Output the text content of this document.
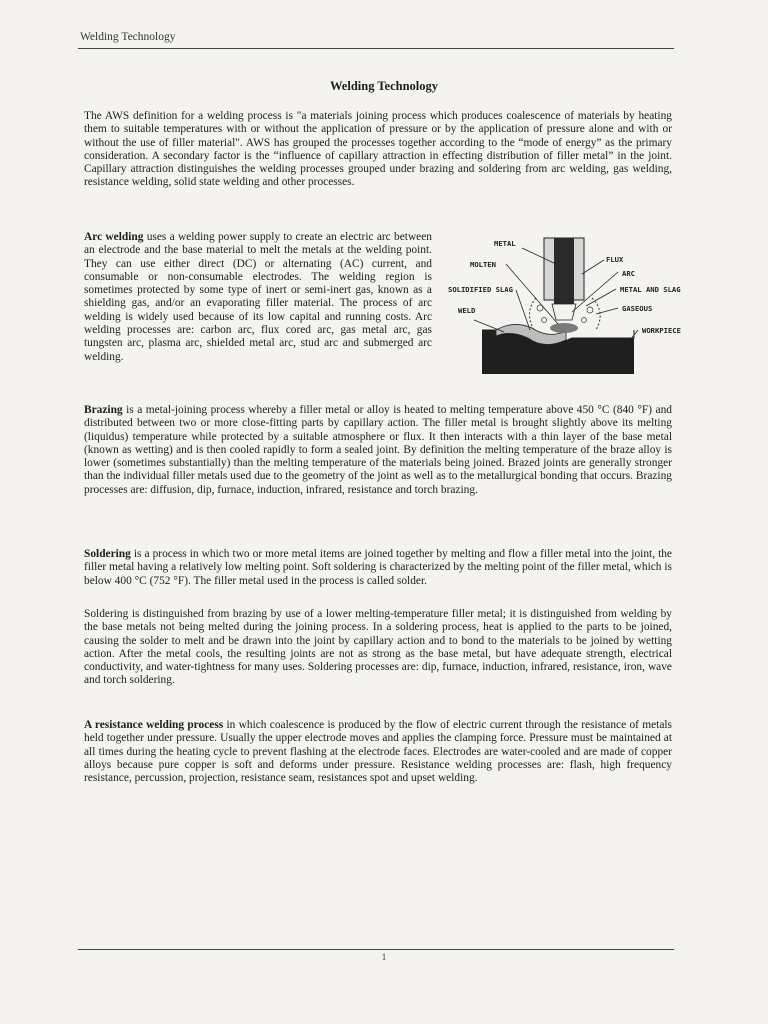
Welding Technology
Welding Technology

The AWS definition for a welding process is "a materials joining process which produces coalescence of materials by heating them to suitable temperatures with or without the application of pressure or by the application of pressure alone and with or without the use of filler material". AWS has grouped the processes together according to the “mode of energy” as the primary consideration. A secondary factor is the “influence of capillary attraction in effecting distribution of filler metal” in the joint. Capillary attraction distinguishes the welding processes grouped under brazing and soldering from arc welding, gas welding, resistance welding, solid state welding and other processes.

Arc welding uses a welding power supply to create an electric arc between an electrode and the base material to melt the metals at the welding point. They can use either direct (DC) or alternating (AC) current, and consumable or non-consumable electrodes. The welding region is sometimes protected by some type of inert or semi-inert gas, known as a shielding gas, and/or an evaporating filler material. The process of arc welding is widely used because of its low capital and running costs. Arc welding processes are: carbon arc, flux cored arc, gas metal arc, gas tungsten arc, plasma arc, shielded metal arc, stud arc and submerged arc welding.

METAL
MOLTEN
SOLIDIFIED SLAG
WELD
FLUX
ARC
METAL AND SLAG
GASEOUS
WORKPIECE

Brazing is a metal-joining process whereby a filler metal or alloy is heated to melting temperature above 450 °C (840 °F) and distributed between two or more close-fitting parts by capillary action. The filler metal is brought slightly above its melting (liquidus) temperature while protected by a suitable atmosphere or flux. It then interacts with a thin layer of the base metal (known as wetting) and is then cooled rapidly to form a sealed joint. By definition the melting temperature of the braze alloy is lower (sometimes substantially) than the melting temperature of the materials being joined. Brazed joints are generally stronger than the individual filler metals used due to the geometry of the joint as well as to the metallurgical bonding that occurs. Brazing processes are: diffusion, dip, furnace, induction, infrared, resistance and torch brazing.

Soldering is a process in which two or more metal items are joined together by melting and flow a filler metal into the joint, the filler metal having a relatively low melting point. Soft soldering is characterized by the melting point of the filler metal, which is below 400 °C (752 °F). The filler metal used in the process is called solder.

Soldering is distinguished from brazing by use of a lower melting-temperature filler metal; it is distinguished from welding by the base metals not being melted during the joining process. In a soldering process, heat is applied to the parts to be joined, causing the solder to melt and be drawn into the joint by capillary action and to bond to the materials to be joined by wetting action. After the metal cools, the resulting joints are not as strong as the base metal, but have adequate strength, electrical conductivity, and water-tightness for many uses. Soldering processes are: dip, furnace, induction, infrared, resistance, iron, wave and torch soldering.

A resistance welding process in which coalescence is produced by the flow of electric current through the resistance of metals held together under pressure. Usually the upper electrode moves and applies the clamping force. Pressure must be maintained at all times during the heating cycle to prevent flashing at the electrode faces. Electrodes are water-cooled and are made of copper alloys because pure copper is soft and deforms under pressure. Resistance welding processes are: flash, high frequency resistance, percussion, projection, resistance seam, resistances spot and upset welding.

1
